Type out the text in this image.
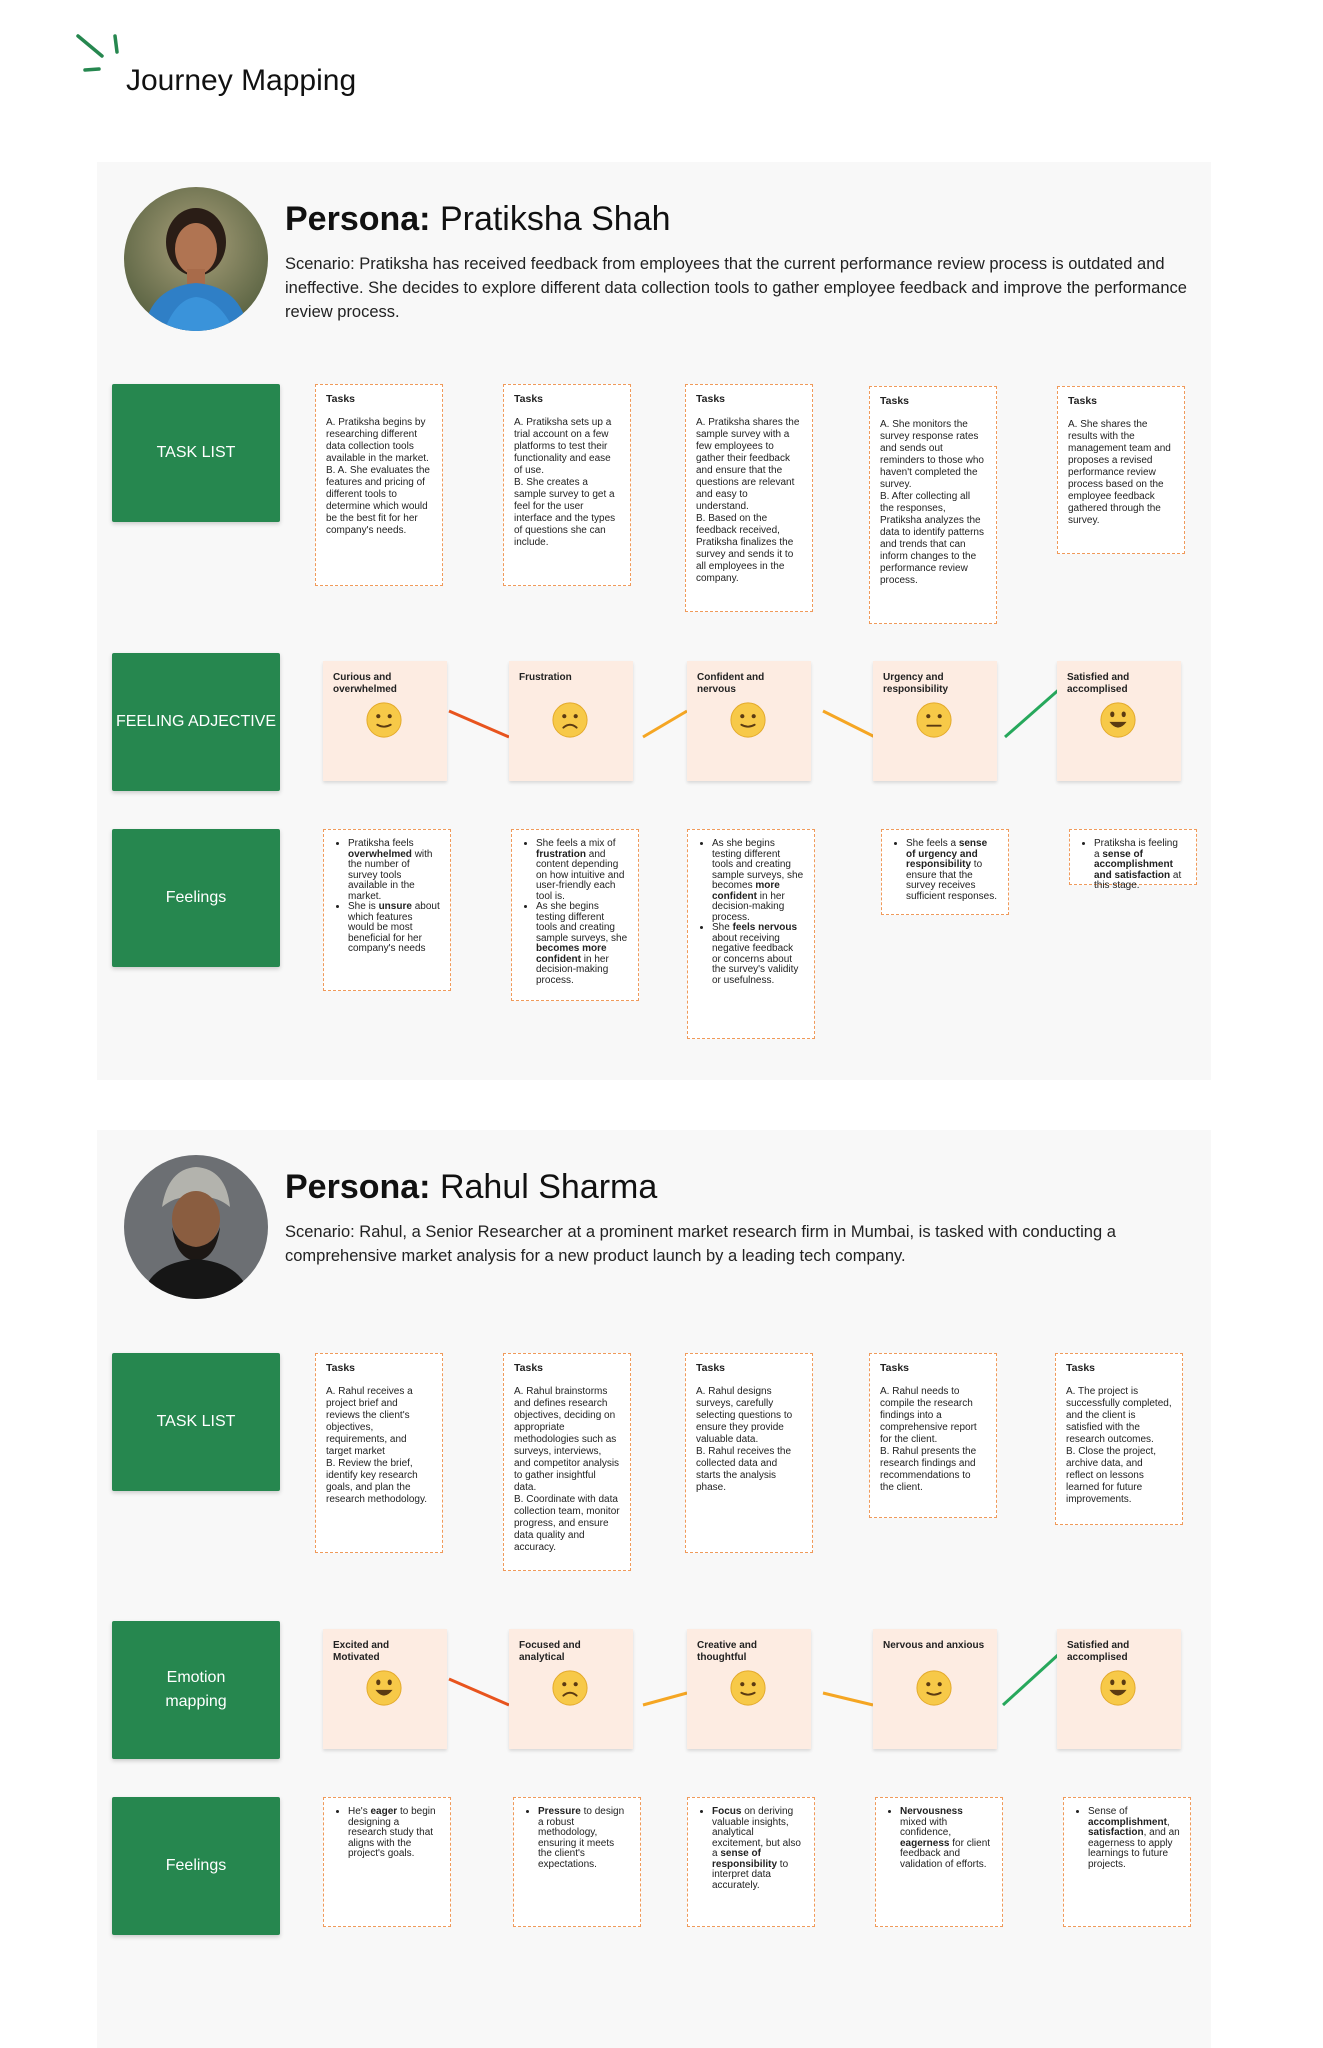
Journey Mapping
Persona: Pratiksha Shah
Scenario: Pratiksha has received feedback from employees that the current performance review process is outdated and ineffective. She decides to explore different data collection tools to gather employee feedback and improve the performance review process.
TASK LIST
FEELING ADJECTIVE
Feelings
Tasks

A. Pratiksha begins by researching different data collection tools available in the market.
B. A. She evaluates the features and pricing of different tools to determine which would be the best fit for her company's needs.

Tasks

A. Pratiksha sets up a trial account on a few platforms to test their functionality and ease of use.
B. She creates a sample survey to get a feel for the user interface and the types of questions she can include.

Tasks

A. Pratiksha shares the sample survey with a few employees to gather their feedback and ensure that the questions are relevant and easy to understand.
B. Based on the feedback received, Pratiksha finalizes the survey and sends it to all employees in the company.

Tasks

A. She monitors the survey response rates and sends out reminders to those who haven't completed the survey.
B. After collecting all the responses, Pratiksha analyzes the data to identify patterns and trends that can inform changes to the performance review process.

Tasks

A. She shares the results with the management team and proposes a revised performance review process based on the employee feedback gathered through the survey.

Curious and overwhelmed
Frustration	Confident and nervous
Urgency and responsibility
Satisfied and accomplised
• Pratiksha feels overwhelmed with the number of survey tools available in the market.
• She is unsure about which features would be most beneficial for her company's needs
• She feels a mix of frustration and content depending on how intuitive and user-friendly each tool is.
• As she begins testing different tools and creating sample surveys, she becomes more confident in her decision-making process.
• As she begins testing different tools and creating sample surveys, she becomes more confident in her decision-making process.
• She feels nervous about receiving negative feedback or concerns about the survey's validity or usefulness.
• She feels a sense of urgency and responsibility to ensure that the survey receives sufficient responses.
• Pratiksha is feeling a sense of accomplishment and satisfaction at this stage.
Persona: Rahul Sharma
Scenario: Rahul, a Senior Researcher at a prominent market research firm in Mumbai, is tasked with conducting a comprehensive market analysis for a new product launch by a leading tech company.
TASK LIST
Emotion mapping
Feelings
Tasks

A. Rahul receives a project brief and reviews the client's objectives, requirements, and target market
B. Review the brief, identify key research goals, and plan the research methodology.

Tasks

A. Rahul brainstorms and defines research objectives, deciding on appropriate methodologies such as surveys, interviews, and competitor analysis to gather insightful data.
B. Coordinate with data collection team, monitor progress, and ensure data quality and accuracy.

Tasks

A. Rahul designs surveys, carefully selecting questions to ensure they provide valuable data.
B. Rahul receives the collected data and starts the analysis phase.

Tasks

A. Rahul needs to compile the research findings into a comprehensive report for the client.
B. Rahul presents the research findings and recommendations to the client.

Tasks

A. The project is successfully completed, and the client is satisfied with the research outcomes.
B. Close the project, archive data, and reflect on lessons learned for future improvements.

Excited and Motivated
Focused and analytical
Creative and thoughtful
Nervous and anxious	Satisfied and accomplised
• He's eager to begin designing a research study that aligns with the project's goals.
• Pressure to design a robust methodology, ensuring it meets the client's expectations.
• Focus on deriving valuable insights, analytical excitement, but also a sense of responsibility to interpret data accurately.
• Nervousness mixed with confidence, eagerness for client feedback and validation of efforts.
• Sense of accomplishment, satisfaction, and an eagerness to apply learnings to future projects.
